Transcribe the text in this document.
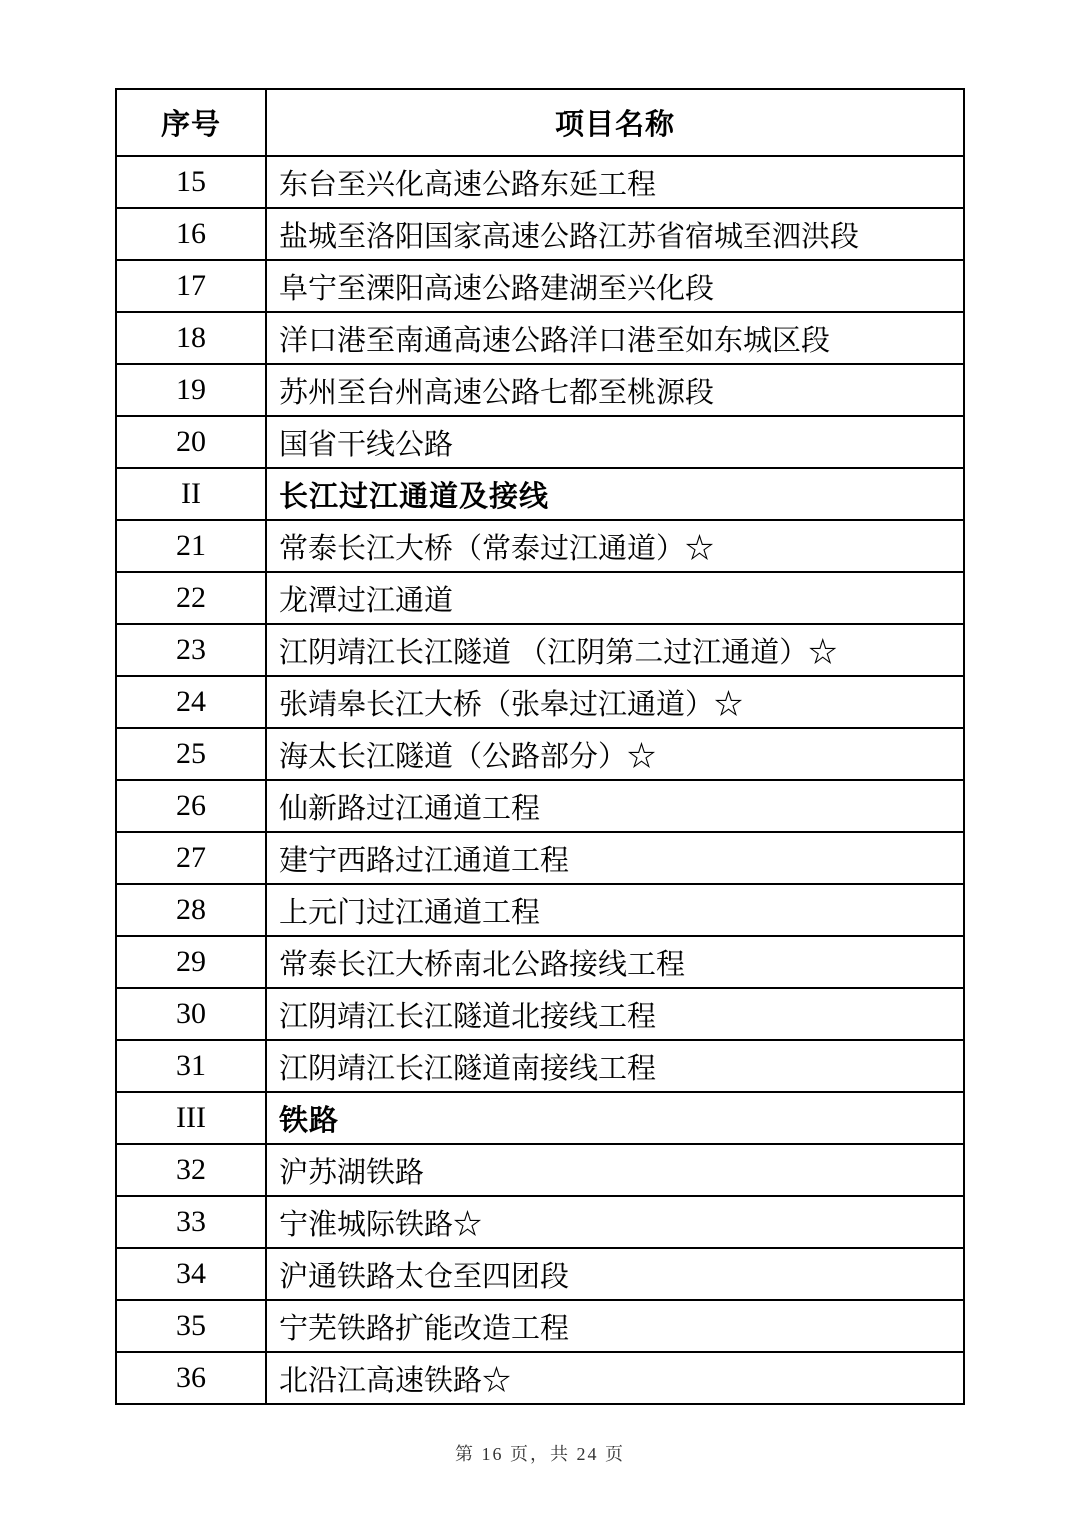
序号	项目名称
15	东台至兴化高速公路东延工程
16	盐城至洛阳国家高速公路江苏省宿城至泗洪段
17	阜宁至溧阳高速公路建湖至兴化段
18	洋口港至南通高速公路洋口港至如东城区段
19	苏州至台州高速公路七都至桃源段
20	国省干线公路
II	长江过江通道及接线
21	常泰长江大桥（常泰过江通道）☆
22	龙潭过江通道
23	江阴靖江长江隧道 （江阴第二过江通道）☆
24	张靖皋长江大桥（张皋过江通道）☆
25	海太长江隧道（公路部分）☆
26	仙新路过江通道工程
27	建宁西路过江通道工程
28	上元门过江通道工程
29	常泰长江大桥南北公路接线工程
30	江阴靖江长江隧道北接线工程
31	江阴靖江长江隧道南接线工程
III	铁路
32	沪苏湖铁路
33	宁淮城际铁路☆
34	沪通铁路太仓至四团段
35	宁芜铁路扩能改造工程
36	北沿江高速铁路☆
第 16 页，共 24 页
